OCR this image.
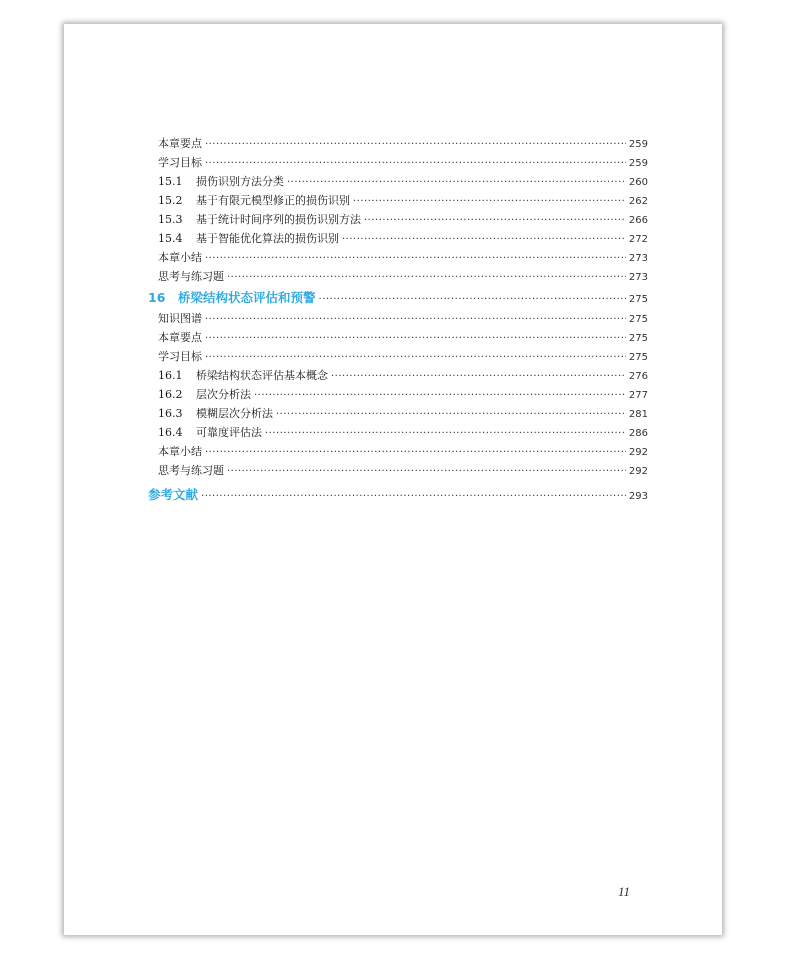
本章要点 ·····	259
学习目标 ·····	259
15.1	损伤识别方法分类 ·····	260
15.2	基于有限元模型修正的损伤识别 ·····	262
15.3	基于统计时间序列的损伤识别方法 ·····	266
15.4	基于智能优化算法的损伤识别 ·····	272
本章小结 ·····	273
思考与练习题 ·····	273
16	桥梁结构状态评估和预警 ·····	275
知识图谱 ·····	275
本章要点 ·····	275
学习目标 ·····	275
16.1	桥梁结构状态评估基本概念 ·····	276
16.2	层次分析法 ·····	277
16.3	模糊层次分析法 ·····	281
16.4	可靠度评估法 ·····	286
本章小结 ·····	292
思考与练习题 ·····	292
参考文献 ·····	293
11
